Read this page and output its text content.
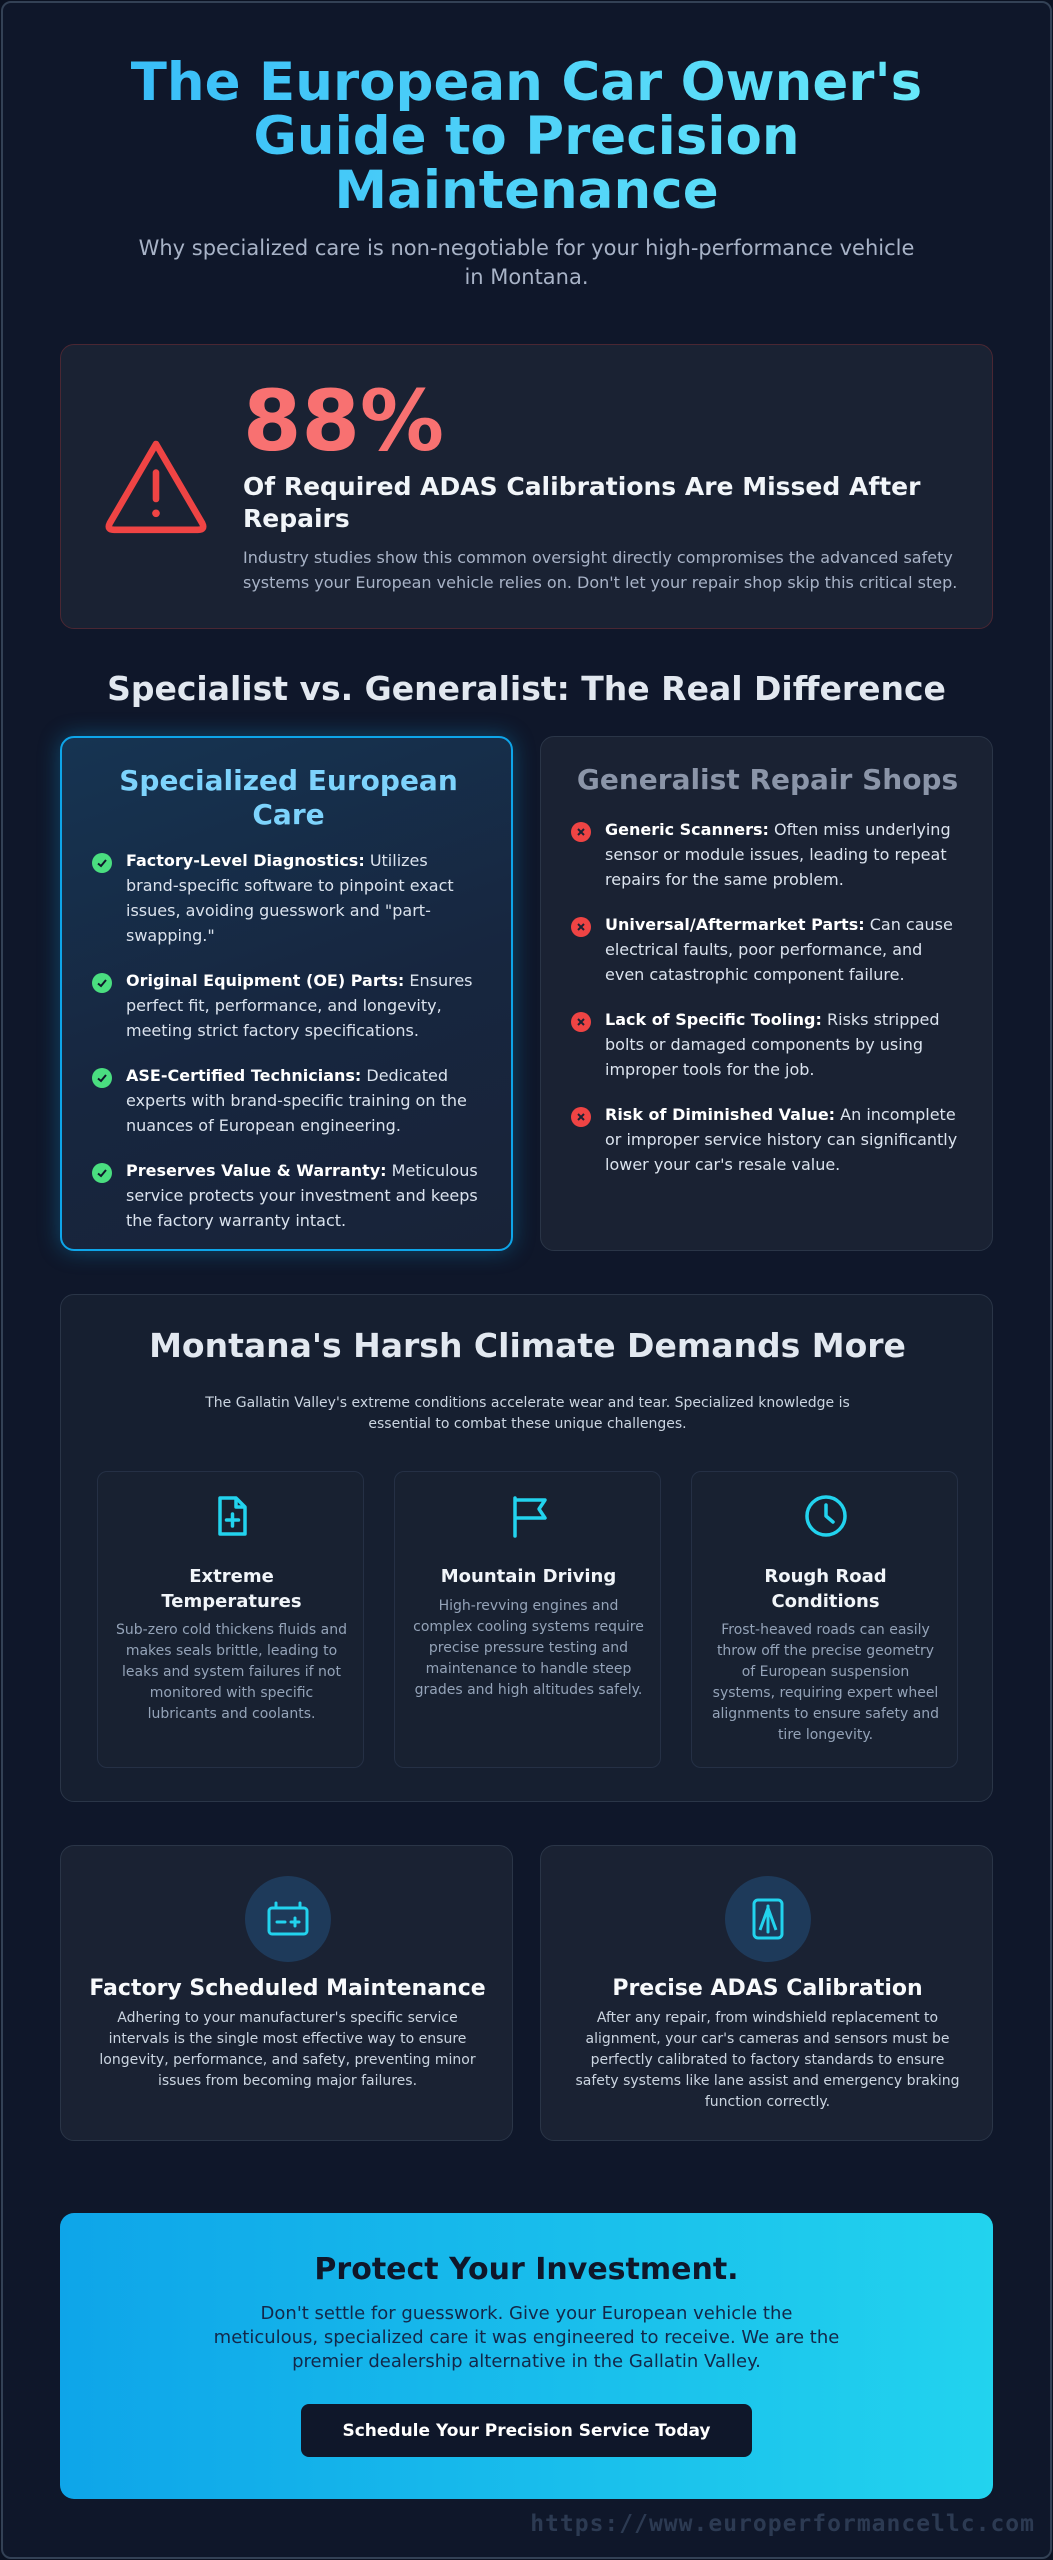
The European Car Owner's Guide to Precision Maintenance

Why specialized care is non-negotiable for your high-performance vehicle in Montana.

88%
Of Required ADAS Calibrations Are Missed After Repairs
Industry studies show this common oversight directly compromises the advanced safety systems your European vehicle relies on. Don't let your repair shop skip this critical step.
Specialist vs. Generalist: The Real Difference
Specialized European Care
Factory-Level Diagnostics: Utilizes brand-specific software to pinpoint exact issues, avoiding guesswork and "part-swapping."
Original Equipment (OE) Parts: Ensures perfect fit, performance, and longevity, meeting strict factory specifications.
ASE-Certified Technicians: Dedicated experts with brand-specific training on the nuances of European engineering.
Preserves Value & Warranty: Meticulous service protects your investment and keeps the factory warranty intact.
Generalist Repair Shops
Generic Scanners: Often miss underlying sensor or module issues, leading to repeat repairs for the same problem.
Universal/Aftermarket Parts: Can cause electrical faults, poor performance, and even catastrophic component failure.
Lack of Specific Tooling: Risks stripped bolts or damaged components by using improper tools for the job.
Risk of Diminished Value: An incomplete or improper service history can significantly lower your car's resale value.
Montana's Harsh Climate Demands More

The Gallatin Valley's extreme conditions accelerate wear and tear. Specialized knowledge is essential to combat these unique challenges.

Extreme Temperatures
Sub-zero cold thickens fluids and makes seals brittle, leading to leaks and system failures if not monitored with specific lubricants and coolants.
Mountain Driving
High-revving engines and complex cooling systems require precise pressure testing and maintenance to handle steep grades and high altitudes safely.
Rough Road Conditions
Frost-heaved roads can easily throw off the precise geometry of European suspension systems, requiring expert wheel alignments to ensure safety and tire longevity.
Factory Scheduled Maintenance
Adhering to your manufacturer's specific service intervals is the single most effective way to ensure longevity, performance, and safety, preventing minor issues from becoming major failures.
Precise ADAS Calibration
After any repair, from windshield replacement to alignment, your car's cameras and sensors must be perfectly calibrated to factory standards to ensure safety systems like lane assist and emergency braking function correctly.
Protect Your Investment.

Don't settle for guesswork. Give your European vehicle the meticulous, specialized care it was engineered to receive. We are the premier dealership alternative in the Gallatin Valley.

Schedule Your Precision Service Today
https://www.europerformancellc.com
